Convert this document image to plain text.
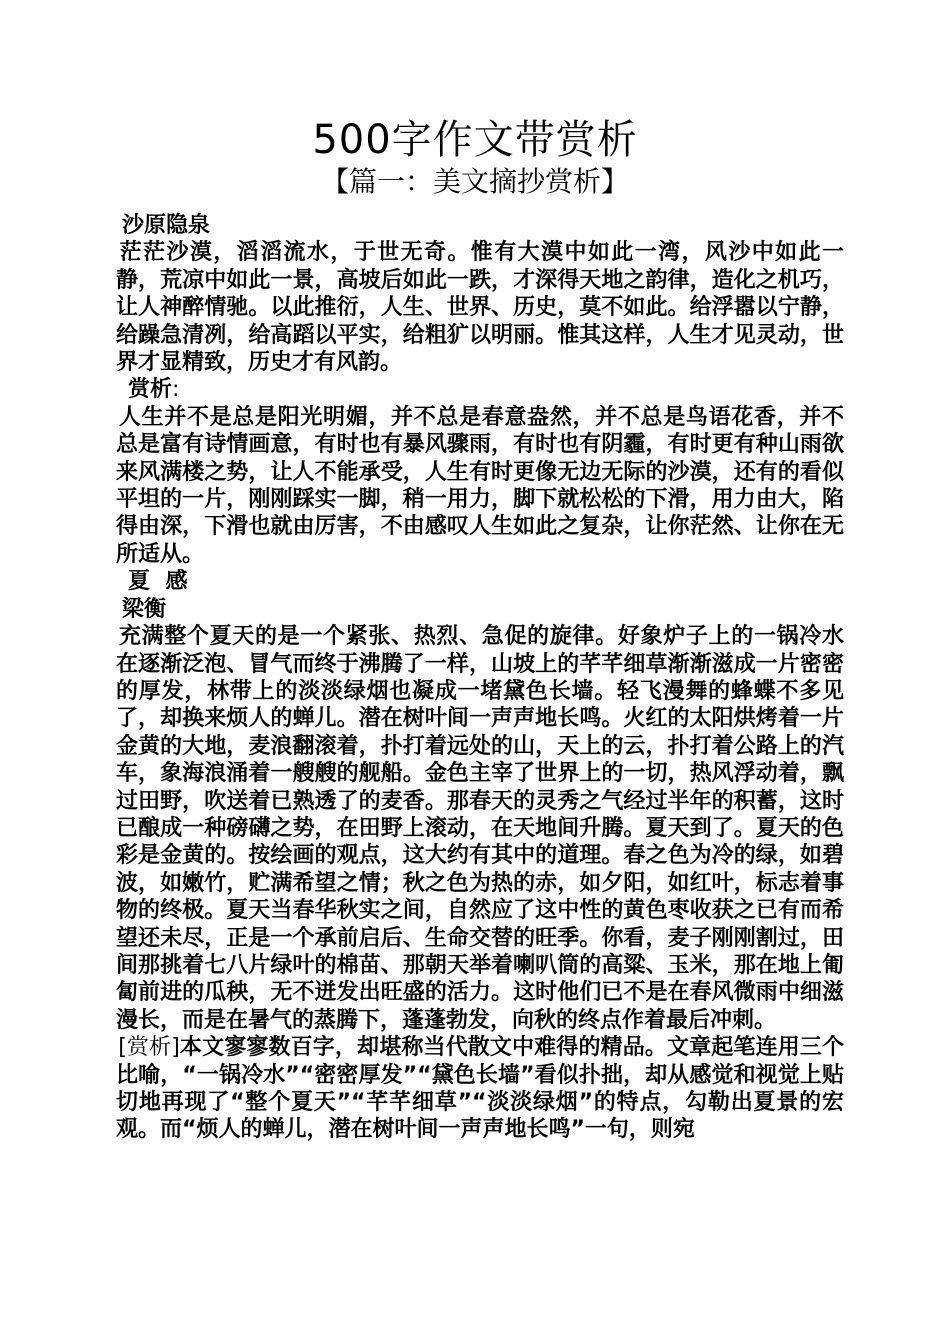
500字作文带赏析
【篇一：美文摘抄赏析】

沙原隐泉

 茫茫沙漠，滔滔流水，于世无奇。惟有大漠中如此一湾，风沙中如此一静，荒凉中如此一景，高坡后如此一跌，才深得天地之韵律，造化之机巧，让人神醉情驰。以此推衍，人生、世界、历史，莫不如此。给浮嚣以宁静，给躁急清冽，给高蹈以平实，给粗犷以明丽。惟其这样，人生才见灵动，世界才显精致，历史才有风韵。

赏析:

 人生并不是总是阳光明媚，并不总是春意盎然，并不总是鸟语花香，并不总是富有诗情画意，有时也有暴风骤雨，有时也有阴霾，有时更有种山雨欲来风满楼之势，让人不能承受，人生有时更像无边无际的沙漠，还有的看似平坦的一片，刚刚踩实一脚，稍一用力，脚下就松松的下滑，用力由大，陷得由深，下滑也就由厉害，不由感叹人生如此之复杂，让你茫然、让你在无所适从。

夏 感

梁衡

 充满整个夏天的是一个紧张、热烈、急促的旋律。好象炉子上的一锅冷水在逐渐泛泡、冒气而终于沸腾了一样，山坡上的芊芊细草渐渐滋成一片密密的厚发，林带上的淡淡绿烟也凝成一堵黛色长墙。轻飞漫舞的蜂蝶不多见了，却换来烦人的蝉儿。潜在树叶间一声声地长鸣。火红的太阳烘烤着一片金黄的大地，麦浪翻滚着，扑打着远处的山，天上的云，扑打着公路上的汽车，象海浪涌着一艘艘的舰船。金色主宰了世界上的一切，热风浮动着，飘过田野，吹送着已熟透了的麦香。那春天的灵秀之气经过半年的积蓄，这时已酿成一种磅礴之势，在田野上滚动，在天地间升腾。夏天到了。夏天的色彩是金黄的。按绘画的观点，这大约有其中的道理。春之色为冷的绿，如碧波，如嫩竹，贮满希望之情；秋之色为热的赤，如夕阳，如红叶，标志着事物的终极。夏天当春华秋实之间，自然应了这中性的黄色枣收获之已有而希望还未尽，正是一个承前启后、生命交替的旺季。你看，麦子刚刚割过，田间那挑着七八片绿叶的棉苗、那朝天举着喇叭筒的高粱、玉米，那在地上匍匐前进的瓜秧，无不迸发出旺盛的活力。这时他们已不是在春风微雨中细滋漫长，而是在暑气的蒸腾下，蓬蓬勃发，向秋的终点作着最后冲刺。

 [赏析]本文寥寥数百字，却堪称当代散文中难得的精品。文章起笔连用三个比喻，“一锅冷水”“密密厚发”“黛色长墙”看似扑拙，却从感觉和视觉上贴切地再现了“整个夏天”“芊芊细草”“淡淡绿烟”的特点，勾勒出夏景的宏观。而“烦人的蝉儿，潜在树叶间一声声地长鸣”一句，则宛
